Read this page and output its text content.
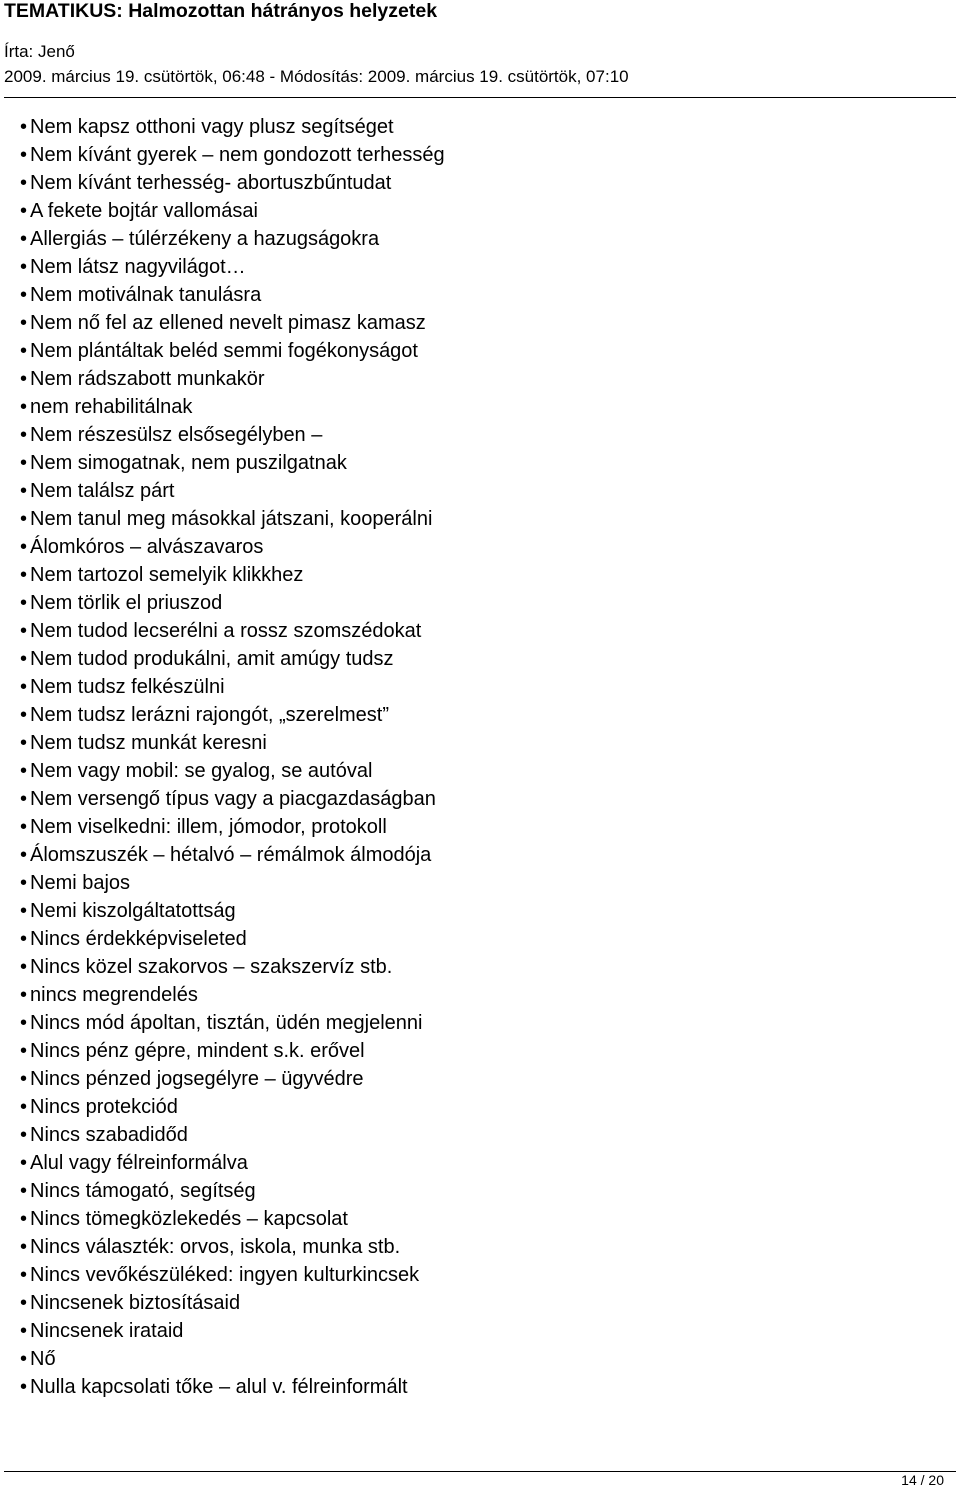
TEMATIKUS: Halmozottan hátrányos helyzetek
Írta: Jenő
2009. március 19. csütörtök, 06:48 - Módosítás: 2009. március 19. csütörtök, 07:10
• Nem kapsz otthoni vagy plusz segítséget
• Nem kívánt gyerek – nem gondozott terhesség
• Nem kívánt terhesség- abortuszbűntudat
• A fekete bojtár vallomásai
• Allergiás – túlérzékeny a hazugságokra
• Nem látsz nagyvilágot…
• Nem motiválnak tanulásra
• Nem nő fel az ellened nevelt pimasz kamasz
• Nem plántáltak beléd semmi fogékonyságot
• Nem rádszabott munkakör
• nem rehabilitálnak
• Nem részesülsz elsősegélyben –
• Nem simogatnak, nem puszilgatnak
• Nem találsz párt
• Nem tanul meg másokkal játszani, kooperálni
• Álomkóros – alvászavaros
• Nem tartozol semelyik klikkhez
• Nem törlik el priuszod
• Nem tudod lecserélni a rossz szomszédokat
• Nem tudod produkálni, amit amúgy tudsz
• Nem tudsz felkészülni
• Nem tudsz lerázni rajongót, „szerelmest”
• Nem tudsz munkát keresni
• Nem vagy mobil: se gyalog, se autóval
• Nem versengő típus vagy a piacgazdaságban
• Nem viselkedni: illem, jómodor, protokoll
• Álomszuszék – hétalvó – rémálmok álmodója
• Nemi bajos
• Nemi kiszolgáltatottság
• Nincs érdekképviseleted
• Nincs közel szakorvos – szakszervíz stb.
• nincs megrendelés
• Nincs mód ápoltan, tisztán, üdén megjelenni
• Nincs pénz gépre, mindent s.k. erővel
• Nincs pénzed jogsegélyre – ügyvédre
• Nincs protekciód
• Nincs szabadidőd
• Alul vagy félreinformálva
• Nincs támogató, segítség
• Nincs tömegközlekedés – kapcsolat
• Nincs választék: orvos, iskola, munka stb.
• Nincs vevőkészüléked: ingyen kulturkincsek
• Nincsenek biztosításaid
• Nincsenek irataid
• Nő
• Nulla kapcsolati tőke – alul v. félreinformált
14 / 20
